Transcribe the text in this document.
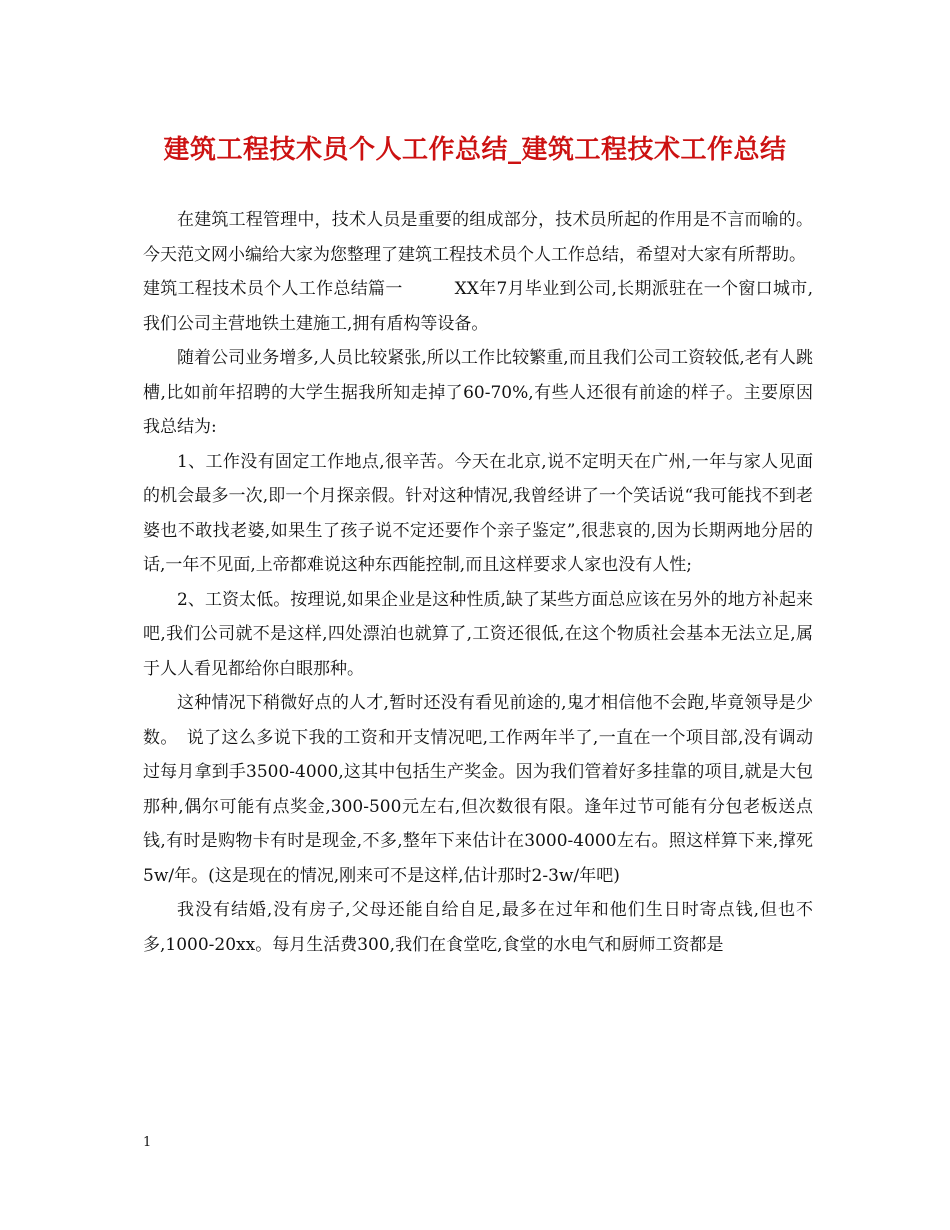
建筑工程技术员个人工作总结_建筑工程技术工作总结

在建筑工程管理中，技术人员是重要的组成部分，技术员所起的作用是不言而喻的。今天范文网小编给大家为您整理了建筑工程技术员个人工作总结，希望对大家有所帮助。

建筑工程技术员个人工作总结篇一　　　XX年7月毕业到公司,长期派驻在一个窗口城市,我们公司主营地铁土建施工,拥有盾构等设备。

随着公司业务增多,人员比较紧张,所以工作比较繁重,而且我们公司工资较低,老有人跳槽,比如前年招聘的大学生据我所知走掉了60-70%,有些人还很有前途的样子。主要原因我总结为:

1、工作没有固定工作地点,很辛苦。今天在北京,说不定明天在广州,一年与家人见面的机会最多一次,即一个月探亲假。针对这种情况,我曾经讲了一个笑话说“我可能找不到老婆也不敢找老婆,如果生了孩子说不定还要作个亲子鉴定”,很悲哀的,因为长期两地分居的话,一年不见面,上帝都难说这种东西能控制,而且这样要求人家也没有人性;

2、工资太低。按理说,如果企业是这种性质,缺了某些方面总应该在另外的地方补起来吧,我们公司就不是这样,四处漂泊也就算了,工资还很低,在这个物质社会基本无法立足,属于人人看见都给你白眼那种。

这种情况下稍微好点的人才,暂时还没有看见前途的,鬼才相信他不会跑,毕竟领导是少数。　说了这么多说下我的工资和开支情况吧,工作两年半了,一直在一个项目部,没有调动过每月拿到手3500-4000,这其中包括生产奖金。因为我们管着好多挂靠的项目,就是大包那种,偶尔可能有点奖金,300-500元左右,但次数很有限。逢年过节可能有分包老板送点钱,有时是购物卡有时是现金,不多,整年下来估计在3000-4000左右。照这样算下来,撑死5w/年。(这是现在的情况,刚来可不是这样,估计那时2-3w/年吧)

我没有结婚,没有房子,父母还能自给自足,最多在过年和他们生日时寄点钱,但也不多,1000-20xx。每月生活费300,我们在食堂吃,食堂的水电气和厨师工资都是

1
